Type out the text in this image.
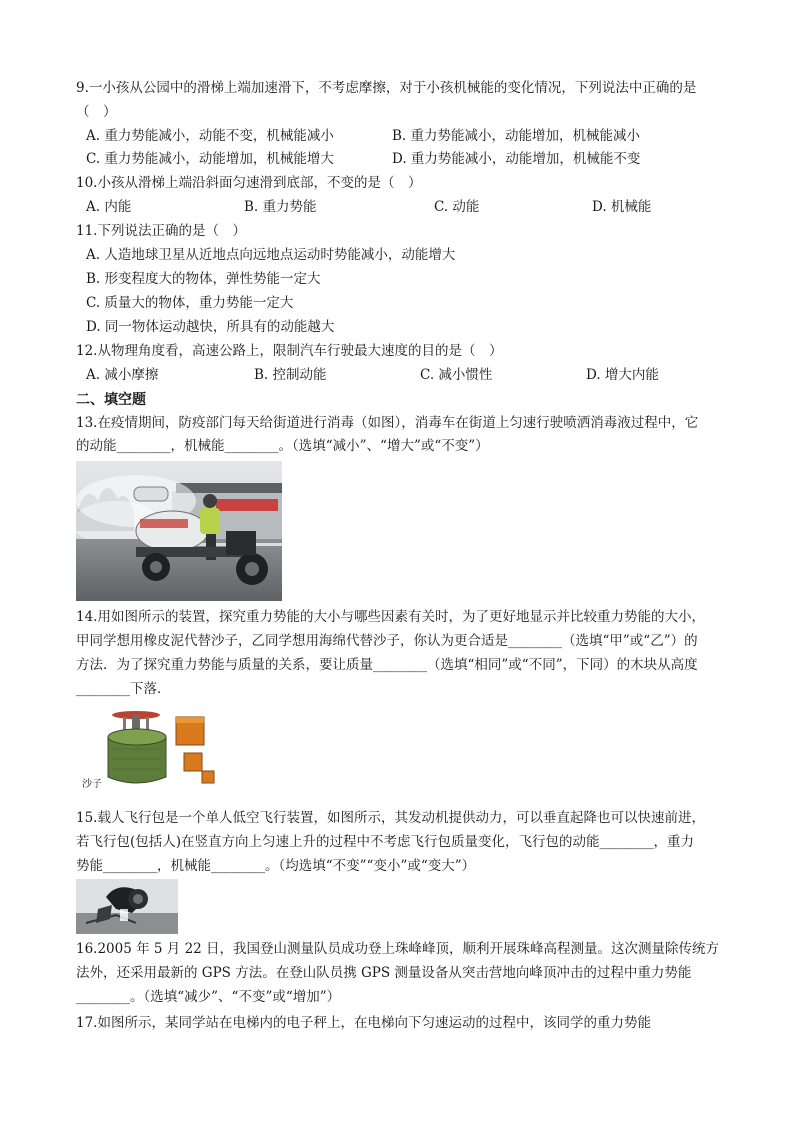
9.一小孩从公园中的滑梯上端加速滑下，不考虑摩擦，对于小孩机械能的变化情况，下列说法中正确的是
（　）
A. 重力势能减小，动能不变，机械能减小	B. 重力势能减小，动能增加，机械能减小
C. 重力势能减小，动能增加，机械能增大	D. 重力势能减小，动能增加，机械能不变
10.小孩从滑梯上端沿斜面匀速滑到底部，不变的是（　）
A. 内能	B. 重力势能	C. 动能	D. 机械能
11.下列说法正确的是（　）
A. 人造地球卫星从近地点向远地点运动时势能减小，动能增大
B. 形变程度大的物体，弹性势能一定大
C. 质量大的物体，重力势能一定大
D. 同一物体运动越快，所具有的动能越大
12.从物理角度看，高速公路上，限制汽车行驶最大速度的目的是（　）
A. 减小摩擦	B. 控制动能	C. 减小惯性	D. 增大内能
二、填空题
13.在疫情期间，防疫部门每天给街道进行消毒（如图），消毒车在街道上匀速行驶喷洒消毒液过程中，它
的动能________，机械能________。（选填“减小”、“增大”或“不变”）
14.用如图所示的装置，探究重力势能的大小与哪些因素有关时，为了更好地显示并比较重力势能的大小，
甲同学想用橡皮泥代替沙子，乙同学想用海绵代替沙子，你认为更合适是________（选填“甲”或“乙”）的
方法．为了探究重力势能与质量的关系，要让质量________（选填“相同”或“不同”，下同）的木块从高度
________下落．
沙子
15.载人飞行包是一个单人低空飞行装置，如图所示，其发动机提供动力，可以垂直起降也可以快速前进，
若飞行包(包括人)在竖直方向上匀速上升的过程中不考虑飞行包质量变化，飞行包的动能________，重力
势能________，机械能________。（均选填“不变”“变小”或“变大”）
16.2005 年 5 月 22 日，我国登山测量队员成功登上珠峰峰顶，顺利开展珠峰高程测量。这次测量除传统方
法外，还采用最新的 GPS 方法。在登山队员携 GPS 测量设备从突击营地向峰顶冲击的过程中重力势能
________。（选填“减少”、“不变”或“增加”）
17.如图所示，某同学站在电梯内的电子秤上，在电梯向下匀速运动的过程中，该同学的重力势能
